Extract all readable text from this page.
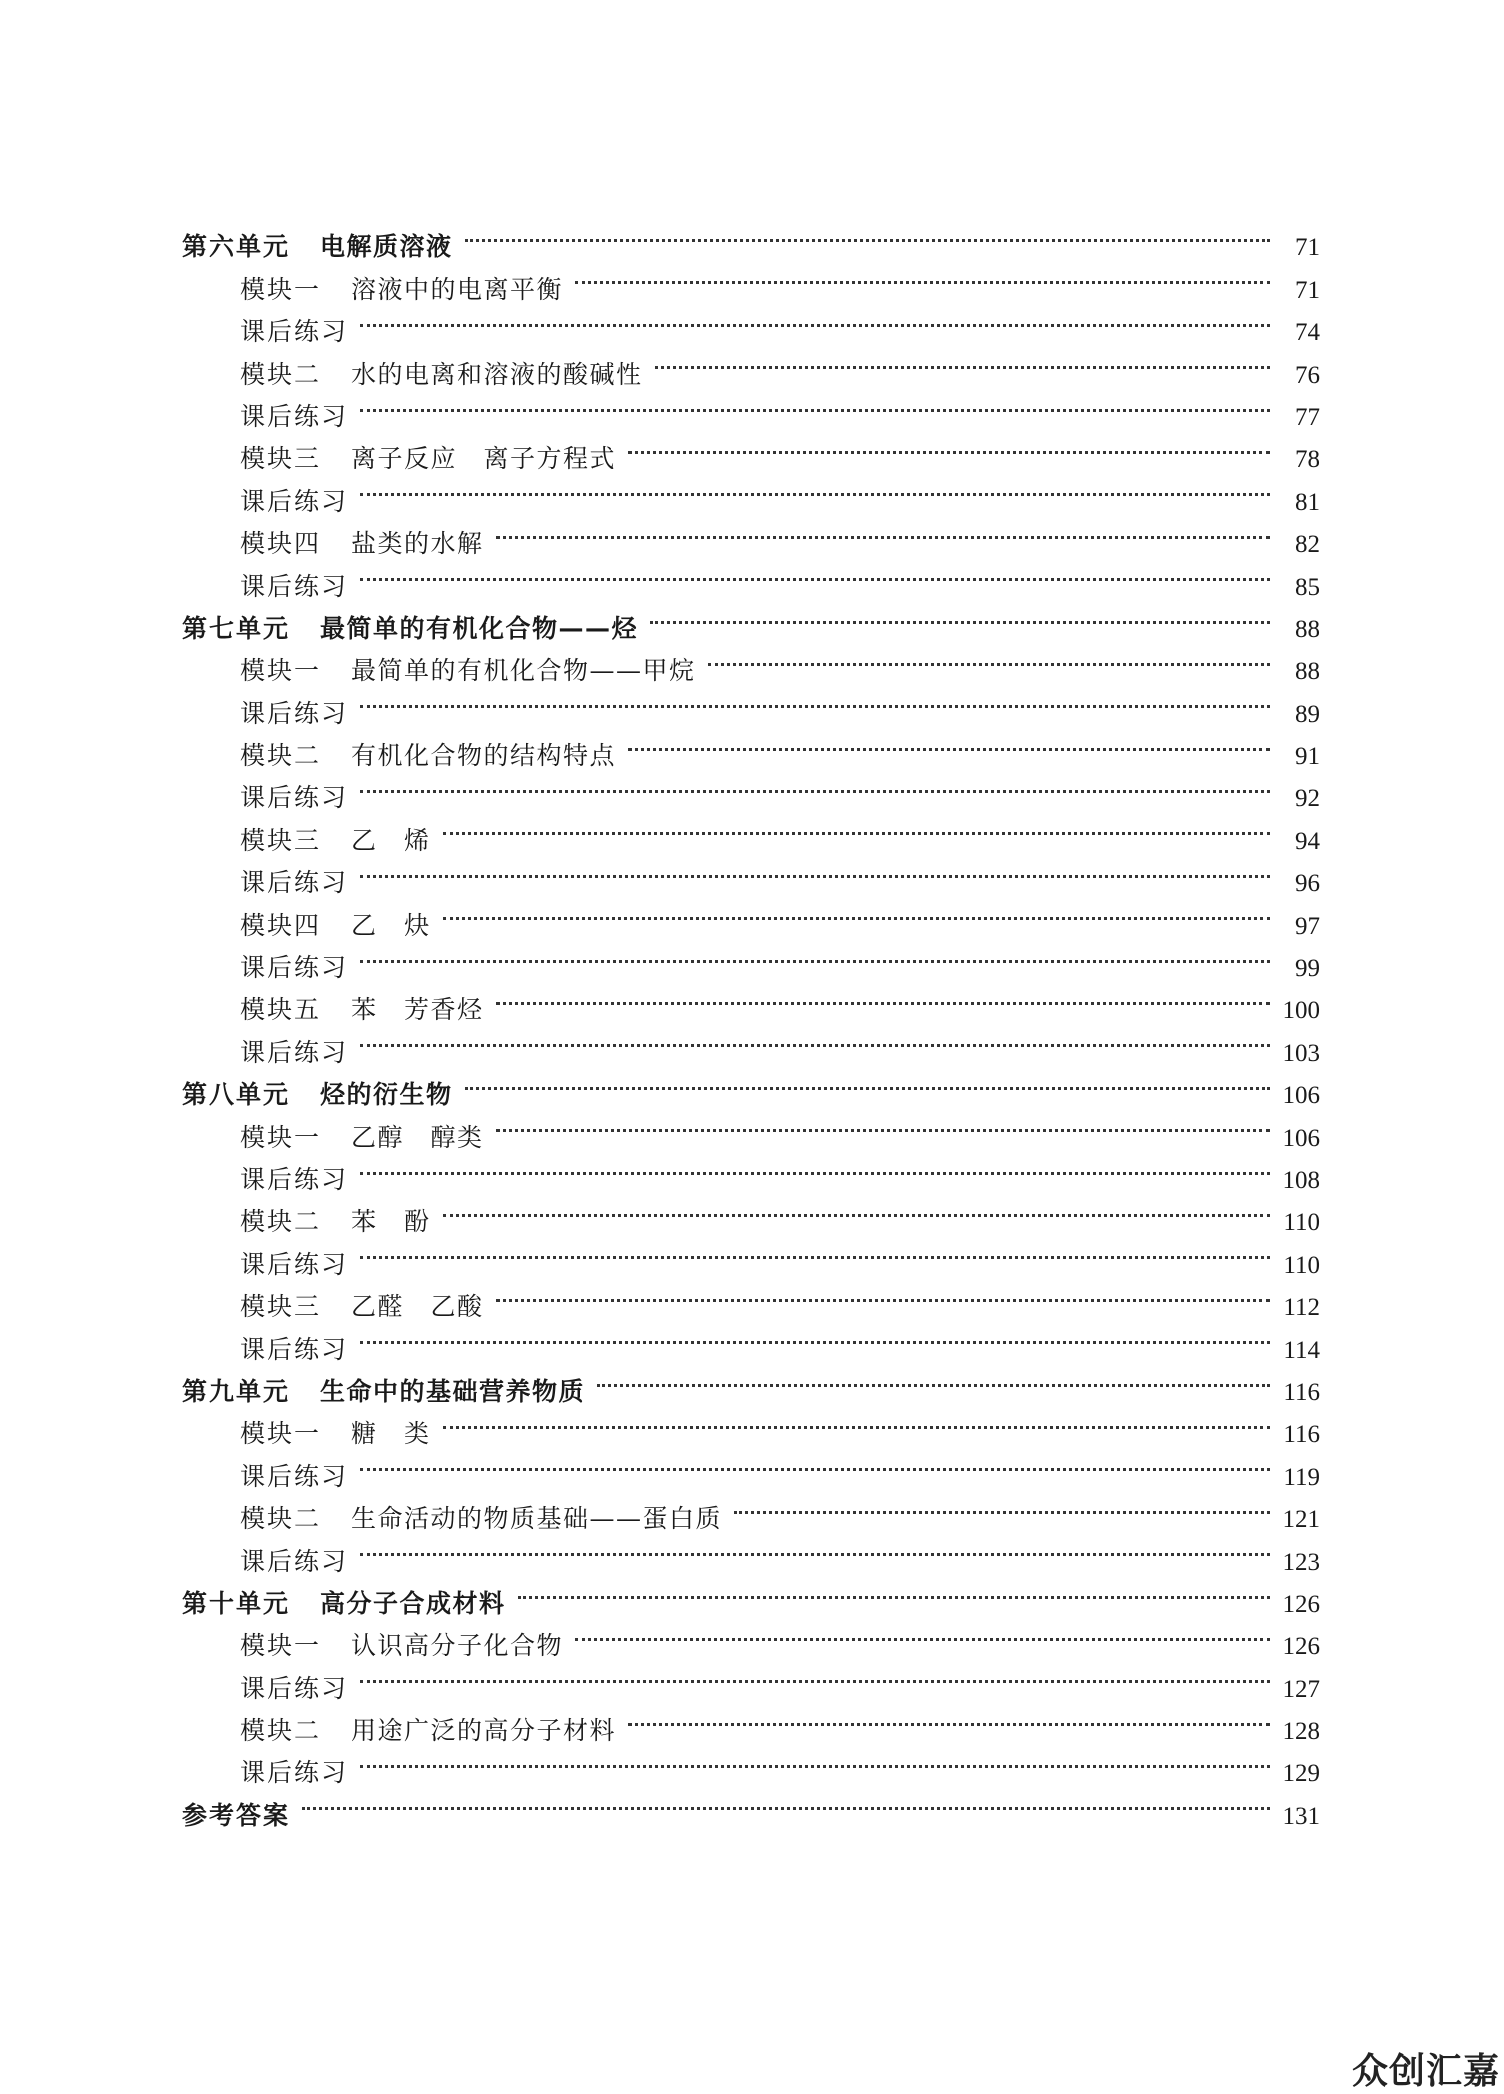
第六单元	电解质溶液	71
模块一	溶液中的电离平衡	71
课后练习	74
模块二	水的电离和溶液的酸碱性	76
课后练习	77
模块三	离子反应　离子方程式	78
课后练习	81
模块四	盐类的水解	82
课后练习	85
第七单元	最简单的有机化合物——烃	88
模块一	最简单的有机化合物——甲烷	88
课后练习	89
模块二	有机化合物的结构特点	91
课后练习	92
模块三	乙　烯	94
课后练习	96
模块四	乙　炔	97
课后练习	99
模块五	苯　芳香烃	100
课后练习	103
第八单元	烃的衍生物	106
模块一	乙醇　醇类	106
课后练习	108
模块二	苯　酚	110
课后练习	110
模块三	乙醛　乙酸	112
课后练习	114
第九单元	生命中的基础营养物质	116
模块一	糖　类	116
课后练习	119
模块二	生命活动的物质基础——蛋白质	121
课后练习	123
第十单元	高分子合成材料	126
模块一	认识高分子化合物	126
课后练习	127
模块二	用途广泛的高分子材料	128
课后练习	129
参考答案	131
众创汇嘉
